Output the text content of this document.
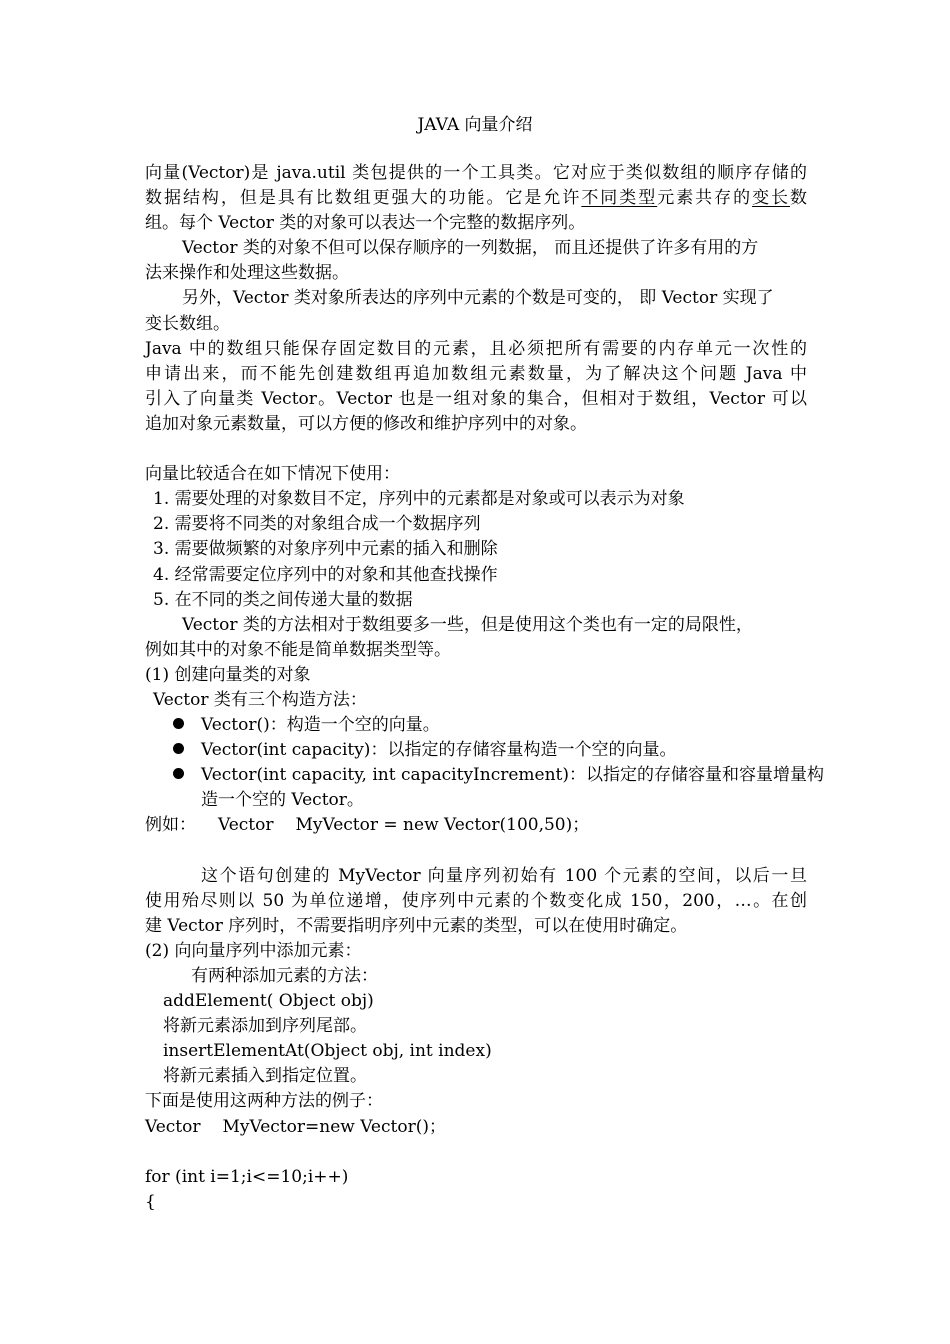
JAVA 向量介绍

向量(Vector)是 java.util 类包提供的一个工具类。它对应于类似数组的顺序存储的

数据结构，但是具有比数组更强大的功能。它是允许不同类型元素共存的变长数

组。每个 Vector 类的对象可以表达一个完整的数据序列。

Vector 类的对象不但可以保存顺序的一列数据， 而且还提供了许多有用的方

法来操作和处理这些数据。

另外，Vector 类对象所表达的序列中元素的个数是可变的， 即 Vector 实现了

变长数组。

Java 中的数组只能保存固定数目的元素，且必须把所有需要的内存单元一次性的

申请出来，而不能先创建数组再追加数组元素数量，为了解决这个问题 Java 中

引入了向量类 Vector。Vector 也是一组对象的集合，但相对于数组，Vector 可以

追加对象元素数量，可以方便的修改和维护序列中的对象。

向量比较适合在如下情况下使用：

1. 需要处理的对象数目不定，序列中的元素都是对象或可以表示为对象

2. 需要将不同类的对象组合成一个数据序列

3. 需要做频繁的对象序列中元素的插入和删除

4. 经常需要定位序列中的对象和其他查找操作

5. 在不同的类之间传递大量的数据

Vector 类的方法相对于数组要多一些，但是使用这个类也有一定的局限性，

例如其中的对象不能是简单数据类型等。

(1) 创建向量类的对象

Vector 类有三个构造方法：

Vector()：构造一个空的向量。

Vector(int capacity)：以指定的存储容量构造一个空的向量。

Vector(int capacity, int capacityIncrement)：以指定的存储容量和容量增量构

造一个空的 Vector。

例如： Vector MyVector = new Vector(100,50)；

这个语句创建的 MyVector 向量序列初始有 100 个元素的空间，以后一旦

使用殆尽则以 50 为单位递增，使序列中元素的个数变化成 150，200，…。在创

建 Vector 序列时，不需要指明序列中元素的类型，可以在使用时确定。

(2) 向向量序列中添加元素：

有两种添加元素的方法：

addElement( Object obj)

将新元素添加到序列尾部。

insertElementAt(Object obj, int index)

将新元素插入到指定位置。

下面是使用这两种方法的例子：

Vector MyVector=new Vector()；

for (int i=1;i<=10;i++)

{
